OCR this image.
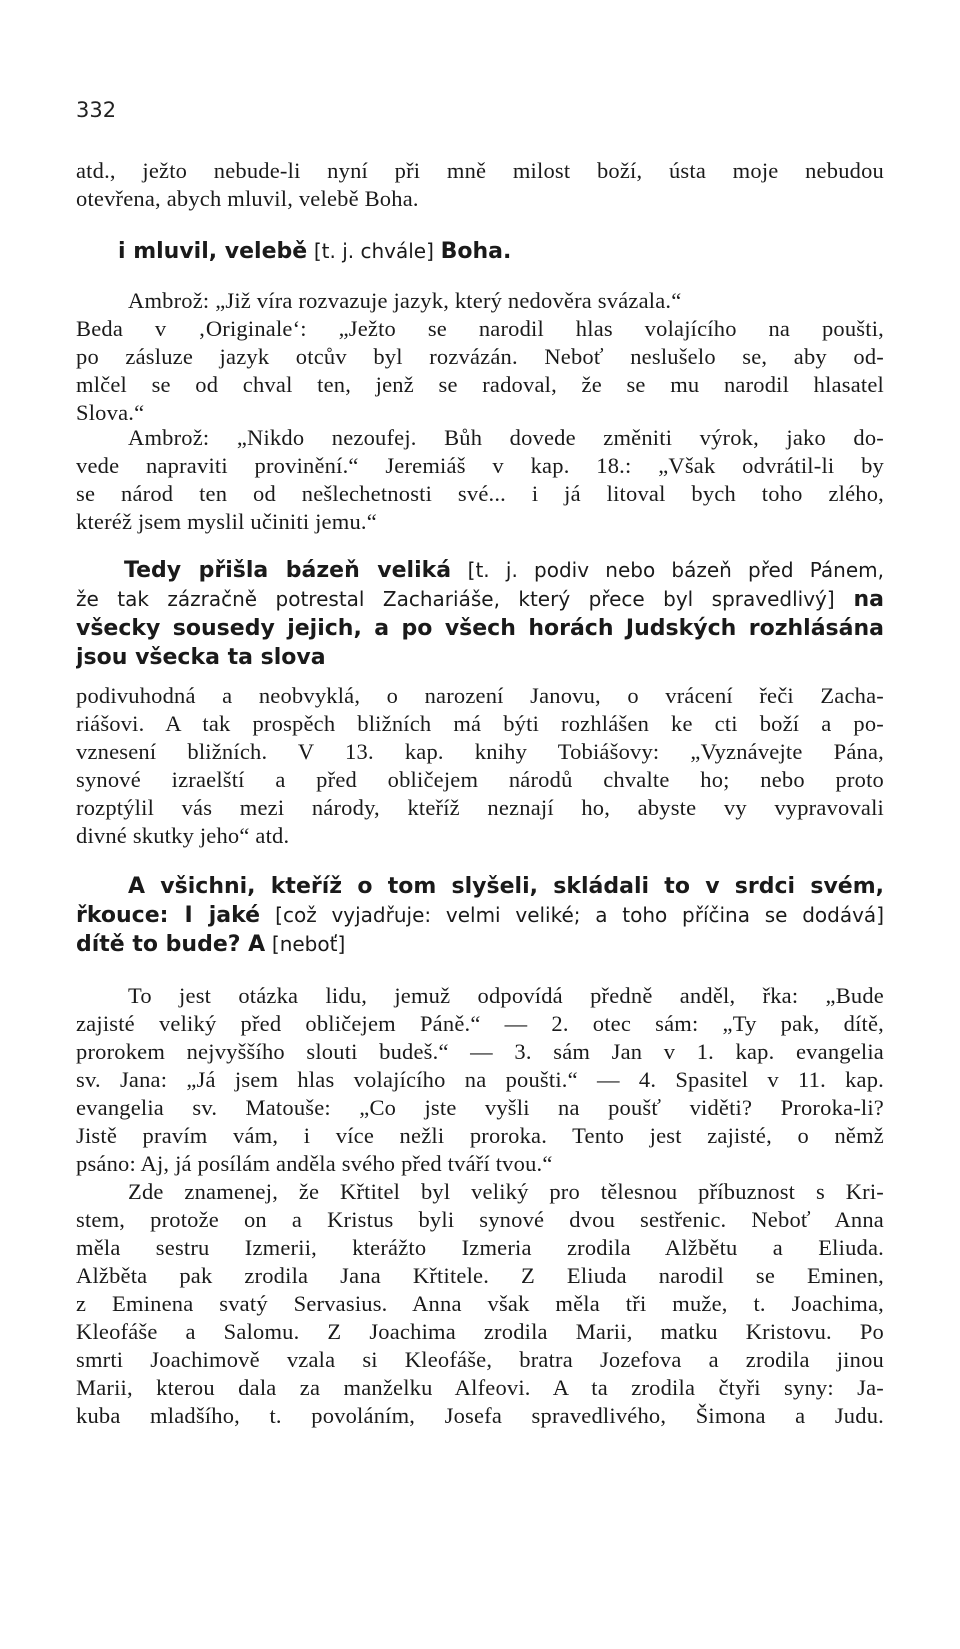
332
atd., ježto nebude-li nyní při mně milost boží, ústa moje nebudou
otevřena, abych mluvil, velebě Boha.
i mluvil, velebě [t. j. chvále] Boha.
Ambrož: „Již víra rozvazuje jazyk, který nedověra svázala.“
Beda v ‚Originale‘: „Ježto se narodil hlas volajícího na poušti,
po zásluze jazyk otcův byl rozvázán. Neboť neslušelo se, aby od-
mlčel se od chval ten, jenž se radoval, že se mu narodil hlasatel
Slova.“
Ambrož: „Nikdo nezoufej. Bůh dovede změniti výrok, jako do-
vede napraviti provinění.“ Jeremiáš v kap. 18.: „Však odvrátil-li by
se národ ten od nešlechetnosti své... i já litoval bych toho zlého,
kteréž jsem myslil učiniti jemu.“
Tedy přišla bázeň veliká [t. j. podiv nebo bázeň před Pánem,
že tak zázračně potrestal Zachariáše, který přece byl spravedlivý] na
všecky sousedy jejich, a po všech horách Judských rozhlásána
jsou všecka ta slova
podivuhodná a neobvyklá, o narození Janovu, o vrácení řeči Zacha-
riášovi. A tak prospěch bližních má býti rozhlášen ke cti boží a po-
vznesení bližních. V 13. kap. knihy Tobiášovy: „Vyznávejte Pána,
synové izraelští a před obličejem národů chvalte ho; nebo proto
rozptýlil vás mezi národy, kteříž neznají ho, abyste vy vypravovali
divné skutky jeho“ atd.
A všichni, kteříž o tom slyšeli, skládali to v srdci svém,
řkouce: I jaké [což vyjadřuje: velmi veliké; a toho příčina se dodává]
dítě to bude? A [neboť]
To jest otázka lidu, jemuž odpovídá předně anděl, řka: „Bude
zajisté veliký před obličejem Páně.“ — 2. otec sám: „Ty pak, dítě,
prorokem nejvyššího slouti budeš.“ — 3. sám Jan v 1. kap. evangelia
sv. Jana: „Já jsem hlas volajícího na poušti.“ — 4. Spasitel v 11. kap.
evangelia sv. Matouše: „Co jste vyšli na poušť viděti? Proroka-li?
Jistě pravím vám, i více nežli proroka. Tento jest zajisté, o němž
psáno: Aj, já posílám anděla svého před tváří tvou.“
Zde znamenej, že Křtitel byl veliký pro tělesnou příbuznost s Kri-
stem, protože on a Kristus byli synové dvou sestřenic. Neboť Anna
měla sestru Izmerii, kterážto Izmeria zrodila Alžbětu a Eliuda.
Alžběta pak zrodila Jana Křtitele. Z Eliuda narodil se Eminen,
z Eminena svatý Servasius. Anna však měla tři muže, t. Joachima,
Kleofáše a Salomu. Z Joachima zrodila Marii, matku Kristovu. Po
smrti Joachimově vzala si Kleofáše, bratra Jozefova a zrodila jinou
Marii, kterou dala za manželku Alfeovi. A ta zrodila čtyři syny: Ja-
kuba mladšího, t. povoláním, Josefa spravedlivého, Šimona a Judu.
